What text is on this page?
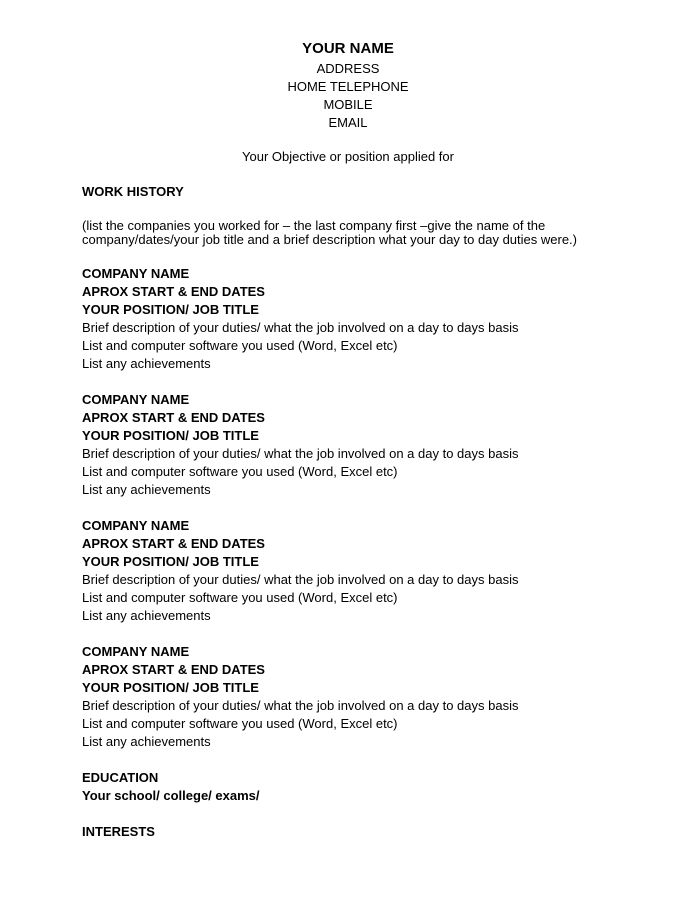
YOUR NAME
ADDRESS
HOME TELEPHONE
MOBILE
EMAIL
Your Objective or position applied for
WORK HISTORY
(list the companies you worked for – the last company first –give the name of the
company/dates/your job title and a brief description what your day to day duties were.)
COMPANY NAME
APROX START & END DATES
YOUR POSITION/ JOB TITLE
Brief description of your duties/ what the job involved on a day to days basis
List and computer software you used (Word, Excel etc)
List any achievements
COMPANY NAME
APROX START & END DATES
YOUR POSITION/ JOB TITLE
Brief description of your duties/ what the job involved on a day to days basis
List and computer software you used (Word, Excel etc)
List any achievements
COMPANY NAME
APROX START & END DATES
YOUR POSITION/ JOB TITLE
Brief description of your duties/ what the job involved on a day to days basis
List and computer software you used (Word, Excel etc)
List any achievements
COMPANY NAME
APROX START & END DATES
YOUR POSITION/ JOB TITLE
Brief description of your duties/ what the job involved on a day to days basis
List and computer software you used (Word, Excel etc)
List any achievements
EDUCATION
Your school/ college/ exams/
INTERESTS
